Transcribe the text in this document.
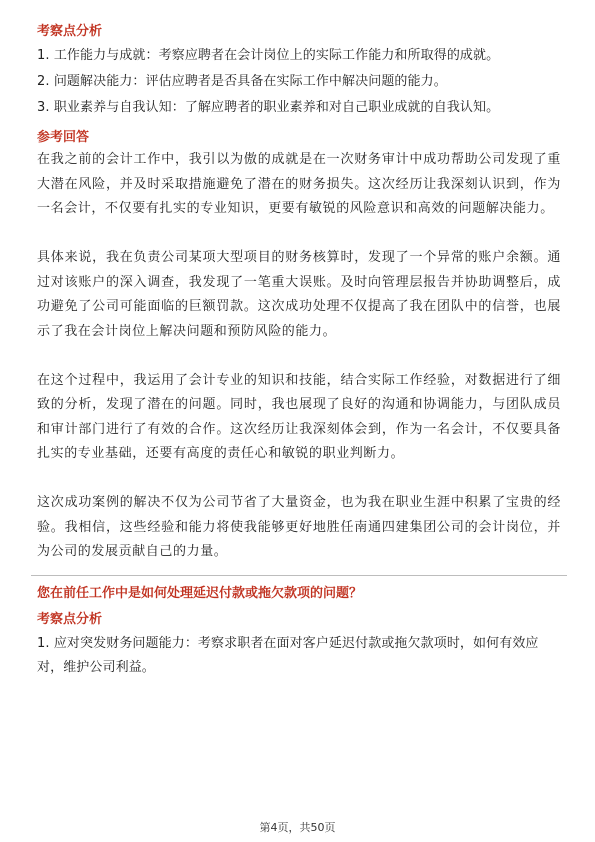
考察点分析
1. 工作能力与成就：考察应聘者在会计岗位上的实际工作能力和所取得的成就。
2. 问题解决能力：评估应聘者是否具备在实际工作中解决问题的能力。
3. 职业素养与自我认知：了解应聘者的职业素养和对自己职业成就的自我认知。
参考回答

在我之前的会计工作中，我引以为傲的成就是在一次财务审计中成功帮助公司发现了重大潜在风险，并及时采取措施避免了潜在的财务损失。这次经历让我深刻认识到，作为一名会计，不仅要有扎实的专业知识，更要有敏锐的风险意识和高效的问题解决能力。

具体来说，我在负责公司某项大型项目的财务核算时，发现了一个异常的账户余额。通过对该账户的深入调查，我发现了一笔重大误账。及时向管理层报告并协助调整后，成功避免了公司可能面临的巨额罚款。这次成功处理不仅提高了我在团队中的信誉，也展示了我在会计岗位上解决问题和预防风险的能力。

在这个过程中，我运用了会计专业的知识和技能，结合实际工作经验，对数据进行了细致的分析，发现了潜在的问题。同时，我也展现了良好的沟通和协调能力，与团队成员和审计部门进行了有效的合作。这次经历让我深刻体会到，作为一名会计，不仅要具备扎实的专业基础，还要有高度的责任心和敏锐的职业判断力。

这次成功案例的解决不仅为公司节省了大量资金，也为我在职业生涯中积累了宝贵的经验。我相信，这些经验和能力将使我能够更好地胜任南通四建集团公司的会计岗位，并为公司的发展贡献自己的力量。

您在前任工作中是如何处理延迟付款或拖欠款项的问题？
考察点分析
1. 应对突发财务问题能力：考察求职者在面对客户延迟付款或拖欠款项时，如何有效应对，维护公司利益。
第4页，共50页
